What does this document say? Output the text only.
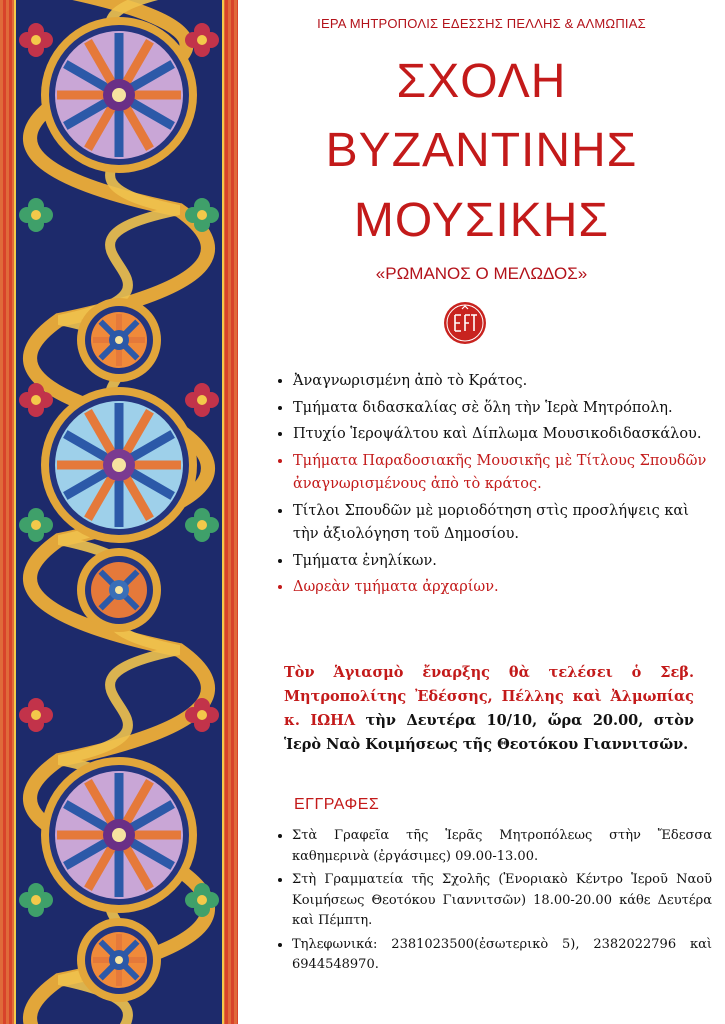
ΙΕΡΑ ΜΗΤΡΟΠΟΛΙΣ ΕΔΕΣΣΗΣ ΠΕΛΛΗΣ & ΑΛΜΩΠΙΑΣ
ΣΧΟΛΗ
ΒΥΖΑΝΤΙΝΗΣ
ΜΟΥΣΙΚΗΣ
«ΡΩΜΑΝΟΣ Ο ΜΕΛΩΔΟΣ»
• Ἀναγνωρισμένη ἀπὸ τὸ Κράτος.
• Τμήματα διδασκαλίας σὲ ὅλη τὴν Ἱερὰ Μητρόπολη.
• Πτυχίο Ἱεροψάλτου καὶ Δίπλωμα Μουσικοδιδασκάλου.
• Τμήματα Παραδοσιακῆς Μουσικῆς μὲ Τίτλους Σπουδῶν ἀναγνωρισμένους ἀπὸ τὸ κράτος.
• Τίτλοι Σπουδῶν μὲ μοριοδότηση στὶς προσλήψεις καὶ τὴν ἀξιολόγηση τοῦ Δημοσίου.
• Τμήματα ἐνηλίκων.
• Δωρεὰν τμήματα ἀρχαρίων.
Τὸν Ἁγιασμὸ ἔναρξης θὰ τελέσει ὁ Σεβ. Μητροπολίτης Ἐδέσσης, Πέλλης καὶ Ἀλμωπίας κ. ΙΩΗΛ τὴν Δευτέρα 10/10, ὥρα 20.00, στὸν Ἱερὸ Ναὸ Κοιμήσεως τῆς Θεοτόκου Γιαννιτσῶν.
ΕΓΓΡΑΦΕΣ
• Στὰ Γραφεῖα τῆς Ἱερᾶς Μητροπόλεως στὴν Ἔδεσσα καθημερινὰ (ἐργάσιμες) 09.00-13.00.
• Στὴ Γραμματεία τῆς Σχολῆς (Ἐνοριακὸ Κέντρο Ἱεροῦ Ναοῦ Κοιμήσεως Θεοτόκου Γιαννιτσῶν) 18.00-20.00 κάθε Δευτέρα καὶ Πέμπτη.
• Τηλεφωνικά: 2381023500(ἐσωτερικὸ 5), 2382022796 καὶ 6944548970.
